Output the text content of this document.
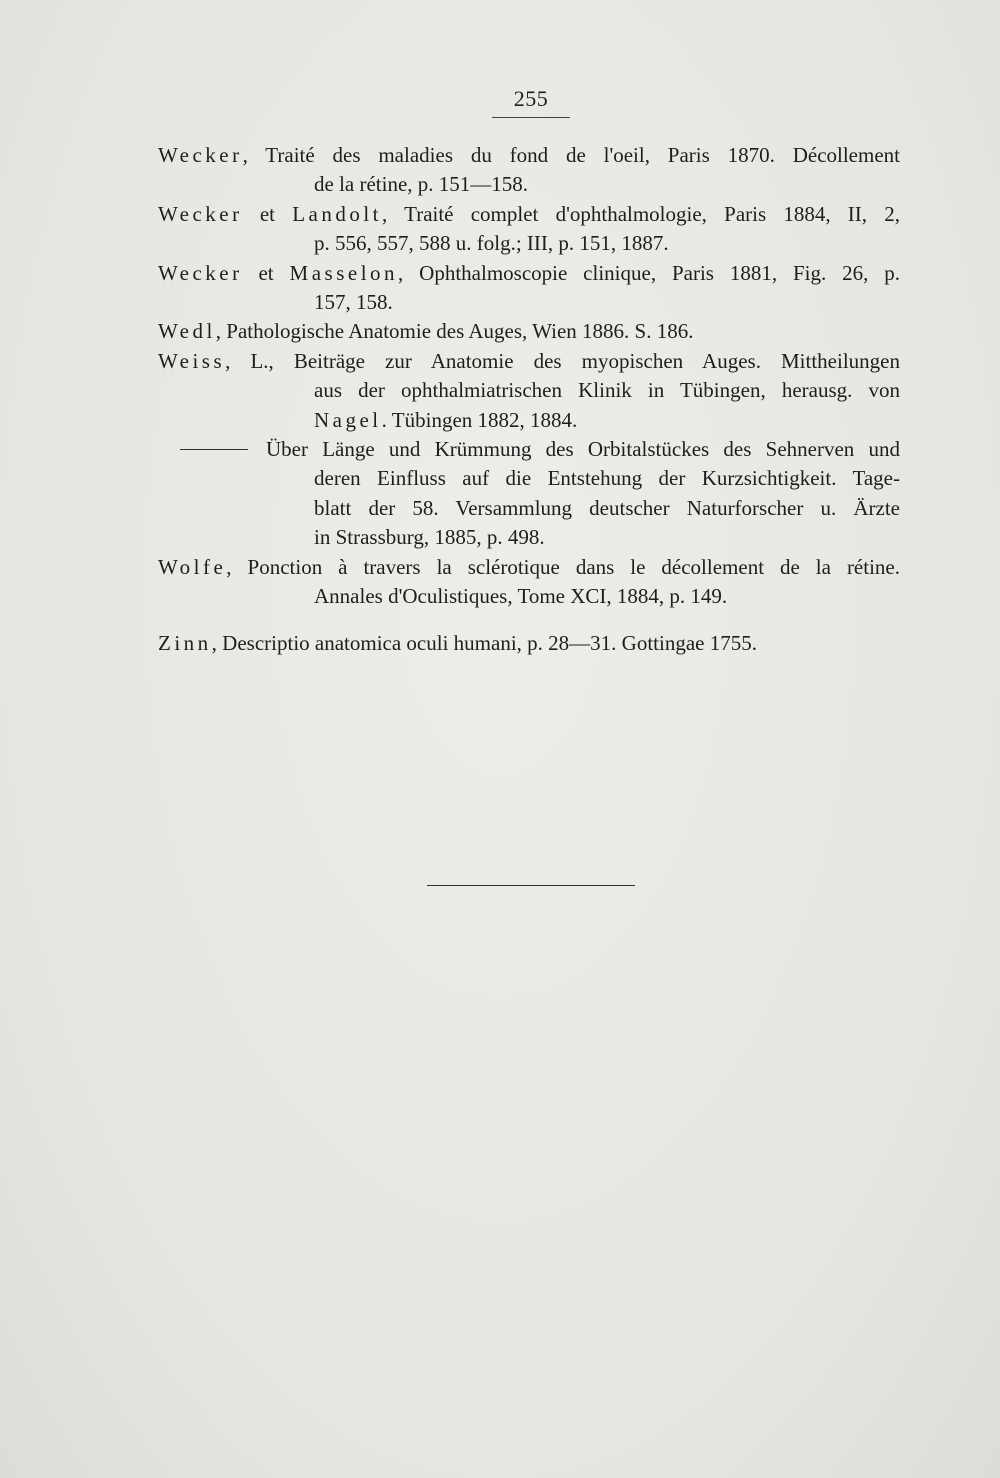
255
Wecker, Traité des maladies du fond de l'oeil, Paris 1870. Décollement
de la rétine, p. 151—158.
Wecker et Landolt, Traité complet d'ophthalmologie, Paris 1884, II, 2,
p. 556, 557, 588 u. folg.; III, p. 151, 1887.
Wecker et Masselon, Ophthalmoscopie clinique, Paris 1881, Fig. 26, p.
157, 158.
Wedl, Pathologische Anatomie des Auges, Wien 1886. S. 186.
Weiss, L., Beiträge zur Anatomie des myopischen Auges. Mittheilungen
aus der ophthalmiatrischen Klinik in Tübingen, herausg. von
Nagel. Tübingen 1882, 1884.
Über Länge und Krümmung des Orbitalstückes des Sehnerven und
deren Einfluss auf die Entstehung der Kurzsichtigkeit. Tage-
blatt der 58. Versammlung deutscher Naturforscher u. Ärzte
in Strassburg, 1885, p. 498.
Wolfe, Ponction à travers la sclérotique dans le décollement de la rétine.
Annales d'Oculistiques, Tome XCI, 1884, p. 149.
Zinn, Descriptio anatomica oculi humani, p. 28—31. Gottingae 1755.
